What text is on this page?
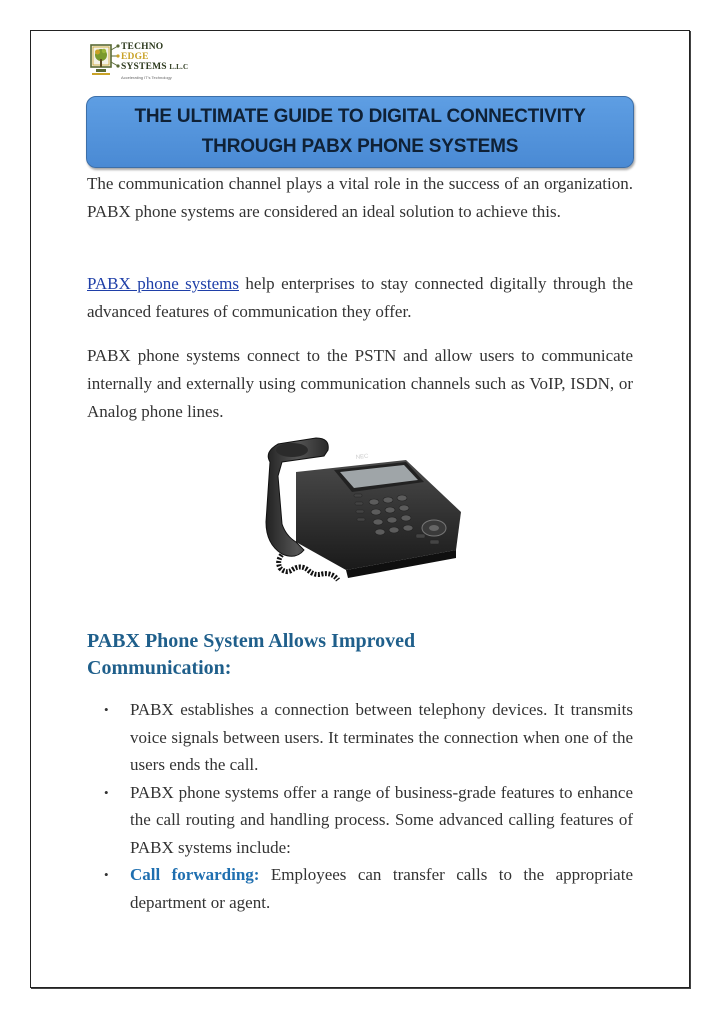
TECHNO
EDGE
SYSTEMS L.L.C
Accelerating IT’s Technology
THE ULTIMATE GUIDE TO DIGITAL CONNECTIVITY
THROUGH PABX PHONE SYSTEMS

The communication channel plays a vital role in the success of an organization. PABX phone systems are considered an ideal solution to achieve this.

PABX phone systems help enterprises to stay connected digitally through the advanced features of communication they offer.

PABX phone systems connect to the PSTN and allow users to communicate internally and externally using communication channels such as VoIP, ISDN, or Analog phone lines.

NEC
PABX Phone System Allows Improved Communication:
• PABX establishes a connection between telephony devices. It transmits voice signals between users. It terminates the connection when one of the users ends the call.
• PABX phone systems offer a range of business-grade features to enhance the call routing and handling process. Some advanced calling features of PABX systems include:
• Call forwarding: Employees can transfer calls to the appropriate department or agent.
